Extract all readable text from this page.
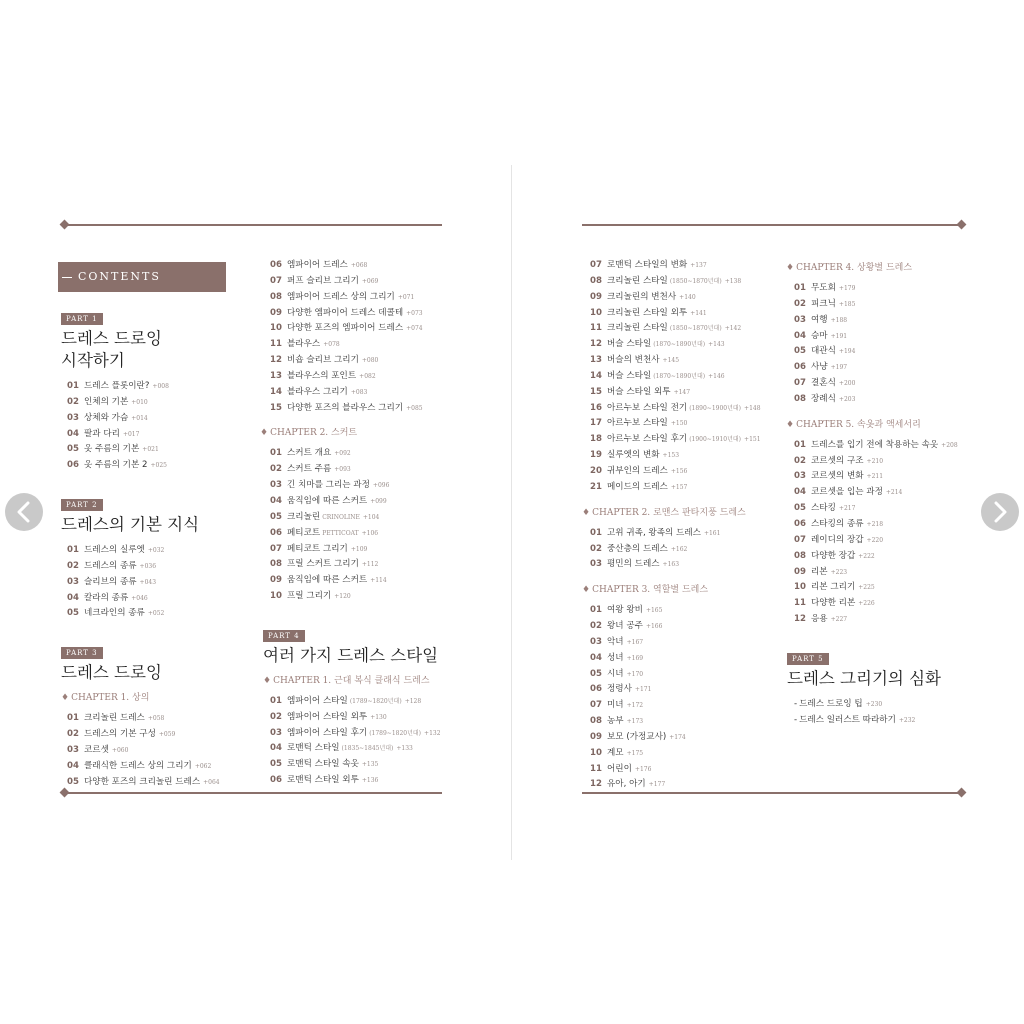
CONTENTS
PART 1
드레스 드로잉
시작하기
01 드레스 플롯이란? +008
02 인체의 기본 +010
03 상체와 가슴 +014
04 팔과 다리 +017
05 옷 주름의 기본 +021
06 옷 주름의 기본 2 +025
PART 2
드레스의 기본 지식
01 드레스의 실루엣 +032
02 드레스의 종류 +036
03 슬리브의 종류 +043
04 칼라의 종류 +046
05 네크라인의 종류 +052
PART 3
드레스 드로잉
♦ CHAPTER 1. 상의
01 크리놀린 드레스 +058
02 드레스의 기본 구성 +059
03 코르셋 +060
04 클래식한 드레스 상의 그리기 +062
05 다양한 포즈의 크리놀린 드레스 +064
06 엠파이어 드레스 +068
07 퍼프 슬리브 그리기 +069
08 엠파이어 드레스 상의 그리기 +071
09 다양한 엠파이어 드레스 데콜테 +073
10 다양한 포즈의 엠파이어 드레스 +074
11 블라우스 +078
12 비숍 슬리브 그리기 +080
13 블라우스의 포인트 +082
14 블라우스 그리기 +083
15 다양한 포즈의 블라우스 그리기 +085
♦ CHAPTER 2. 스커트
01 스커트 개요 +092
02 스커트 주름 +093
03 긴 치마를 그리는 과정 +096
04 움직임에 따른 스커트 +099
05 크리놀린 CRINOLINE +104
06 페티코트 PETTICOAT +106
07 페티코트 그리기 +109
08 프릴 스커트 그리기 +112
09 움직임에 따른 스커트 +114
10 프릴 그리기 +120
PART 4
여러 가지 드레스 스타일
♦ CHAPTER 1. 근대 복식 클래식 드레스
01 엠파이어 스타일 (1789~1820년대) +128
02 엠파이어 스타일 외투 +130
03 엠파이어 스타일 후기 (1789~1820년대) +132
04 로맨틱 스타일 (1835~1845년대) +133
05 로맨틱 스타일 속옷 +135
06 로맨틱 스타일 외투 +136
07 로맨틱 스타일의 변화 +137
08 크리놀린 스타일 (1850~1870년대) +138
09 크리놀린의 변천사 +140
10 크리놀린 스타일 외투 +141
11 크리놀린 스타일 (1850~1870년대) +142
12 버슬 스타일 (1870~1890년대) +143
13 버슬의 변천사 +145
14 버슬 스타일 (1870~1890년대) +146
15 버슬 스타일 외투 +147
16 아르누보 스타일 전기 (1890~1900년대) +148
17 아르누보 스타일 +150
18 아르누보 스타일 후기 (1900~1910년대) +151
19 실루엣의 변화 +153
20 귀부인의 드레스 +156
21 메이드의 드레스 +157
♦ CHAPTER 2. 로맨스 판타지풍 드레스
01 고위 귀족, 왕족의 드레스 +161
02 중산층의 드레스 +162
03 평민의 드레스 +163
♦ CHAPTER 3. 역할별 드레스
01 여왕 왕비 +165
02 왕녀 공주 +166
03 악녀 +167
04 성녀 +169
05 시녀 +170
06 정령사 +171
07 미녀 +172
08 농부 +173
09 보모 (가정교사) +174
10 계모 +175
11 어린이 +176
12 유아, 아기 +177
♦ CHAPTER 4. 상황별 드레스
01 무도회 +179
02 피크닉 +185
03 여행 +188
04 승마 +191
05 대관식 +194
06 사냥 +197
07 결혼식 +200
08 장례식 +203
♦ CHAPTER 5. 속옷과 액세서리
01 드레스를 입기 전에 착용하는 속옷 +208
02 코르셋의 구조 +210
03 코르셋의 변화 +211
04 코르셋을 입는 과정 +214
05 스타킹 +217
06 스타킹의 종류 +218
07 레이디의 장갑 +220
08 다양한 장갑 +222
09 리본 +223
10 리본 그리기 +225
11 다양한 리본 +226
12 응용 +227
PART 5
드레스 그리기의 심화
- 드레스 드로잉 팁 +230
- 드레스 일러스트 따라하기 +232
